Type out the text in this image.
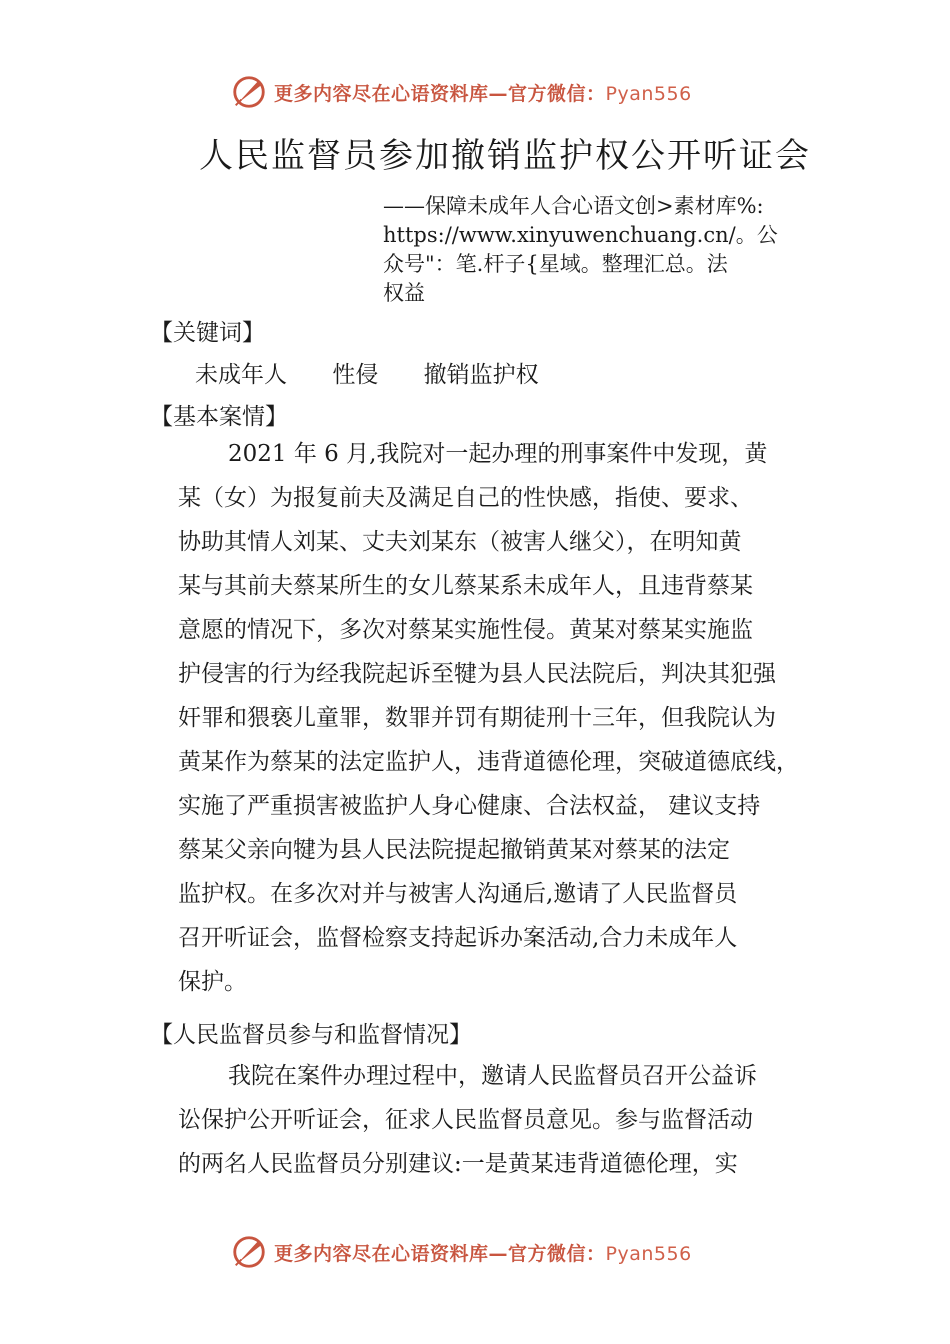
更多内容尽在心语资料库—官方微信：Pyan556
人民监督员参加撤销监护权公开听证会
——保障未成年人合心语文创>素材库%:
https://www.xinyuwenchuang.cn/。公
众号"：笔.杆子{星域。整理汇总。法
权益
【关键词】
未成年人 性侵 撤销监护权
【基本案情】
2021 年 6 月,我院对一起办理的刑事案件中发现，黄
某（女）为报复前夫及满足自己的性快感，指使、要求、
协助其情人刘某、丈夫刘某东（被害人继父），在明知黄
某与其前夫蔡某所生的女儿蔡某系未成年人，且违背蔡某
意愿的情况下，多次对蔡某实施性侵。黄某对蔡某实施监
护侵害的行为经我院起诉至犍为县人民法院后，判决其犯强
奸罪和猥亵儿童罪，数罪并罚有期徒刑十三年，但我院认为
黄某作为蔡某的法定监护人，违背道德伦理，突破道德底线，
实施了严重损害被监护人身心健康、合法权益， 建议支持
蔡某父亲向犍为县人民法院提起撤销黄某对蔡某的法定
监护权。在多次对并与被害人沟通后,邀请了人民监督员
召开听证会，监督检察支持起诉办案活动,合力未成年人
保护。
【人民监督员参与和监督情况】
我院在案件办理过程中，邀请人民监督员召开公益诉
讼保护公开听证会，征求人民监督员意见。参与监督活动
的两名人民监督员分别建议:一是黄某违背道德伦理，实
更多内容尽在心语资料库—官方微信：Pyan556
